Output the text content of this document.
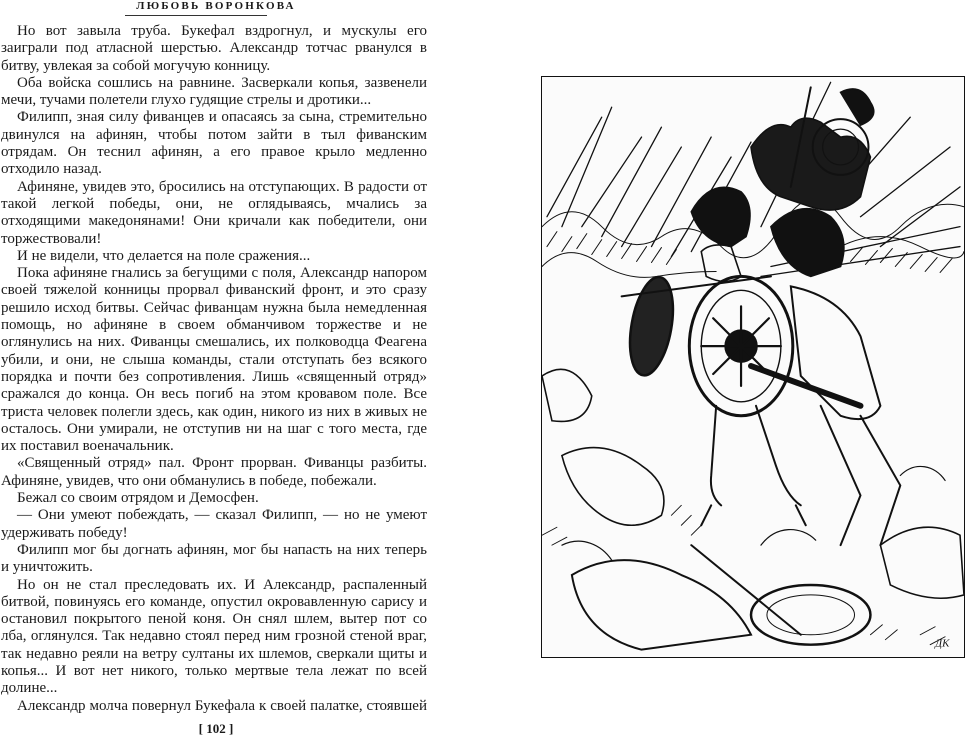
ЛЮБОВЬ ВОРОНКОВА

Но вот завыла труба. Букефал вздрогнул, и мускулы его заиграли под атласной шерстью. Александр тотчас рванулся в битву, увлекая за собой могучую конницу.

Оба войска сошлись на равнине. Засверкали копья, зазвенели мечи, тучами полетели глухо гудящие стрелы и дротики...

Филипп, зная силу фиванцев и опасаясь за сына, стремительно двинулся на афинян, чтобы потом зайти в тыл фиванским отрядам. Он теснил афинян, а его правое крыло медленно отходило назад.

Афиняне, увидев это, бросились на отступающих. В радости от такой легкой победы, они, не оглядываясь, мчались за отходящими македонянами! Они кричали как победители, они торжествовали!

И не видели, что делается на поле сражения...

Пока афиняне гнались за бегущими с поля, Александр напором своей тяжелой конницы прорвал фиванский фронт, и это сразу решило исход битвы. Сейчас фиванцам нужна была немедленная помощь, но афиняне в своем обманчивом торжестве и не оглянулись на них. Фиванцы смешались, их полководца Феагена убили, и они, не слыша команды, стали отступать без всякого порядка и почти без сопротивления. Лишь «священный отряд» сражался до конца. Он весь погиб на этом кровавом поле. Все триста человек полегли здесь, как один, никого из них в живых не осталось. Они умирали, не отступив ни на шаг с того места, где их поставил военачальник.

«Священный отряд» пал. Фронт прорван. Фиванцы разбиты. Афиняне, увидев, что они обманулись в победе, побежали.

Бежал со своим отрядом и Демосфен.

— Они умеют побеждать, — сказал Филипп, — но не умеют удерживать победу!

Филипп мог бы догнать афинян, мог бы напасть на них теперь и уничтожить.

Но он не стал преследовать их. И Александр, распаленный битвой, повинуясь его команде, опустил окровавленную сарису и остановил покрытого пеной коня. Он снял шлем, вытер пот со лба, оглянулся. Так недавно стоял перед ним грозной стеной враг, так недавно реяли на ветру султаны их шлемов, сверкали щиты и копья... И вот нет никого, только мертвые тела лежат по всей долине...

Александр молча повернул Букефала к своей палатке, стоявшей

[ 102 ]
ДК
